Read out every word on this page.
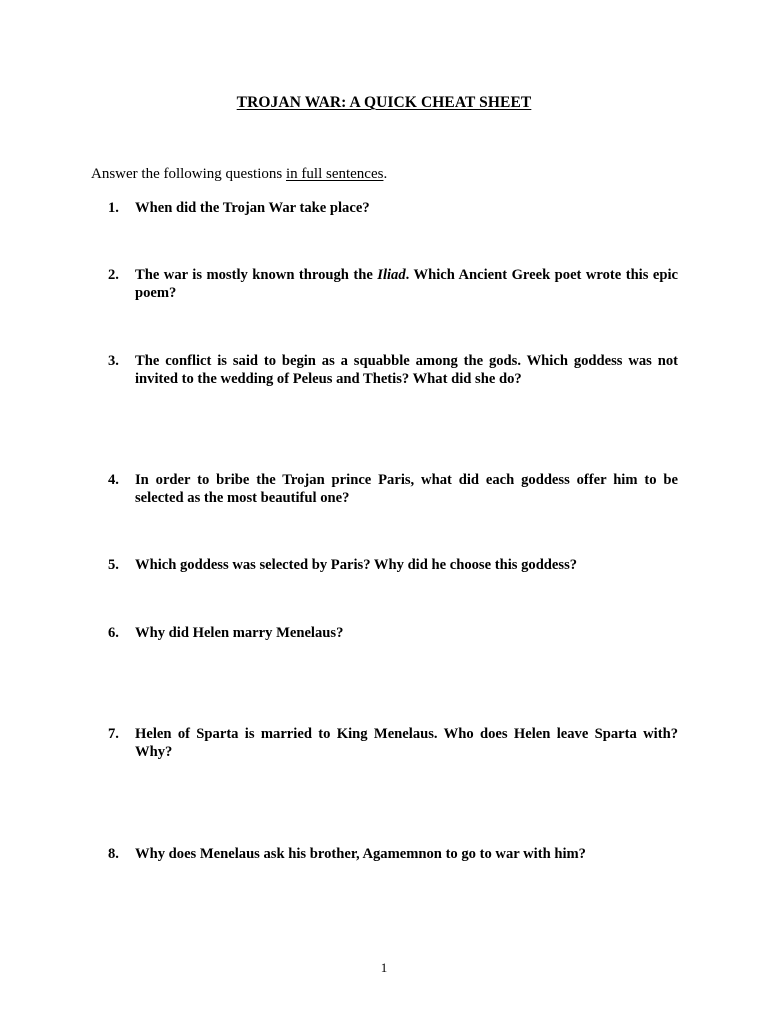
TROJAN WAR: A QUICK CHEAT SHEET
Answer the following questions in full sentences.
1.	When did the Trojan War take place?
2.	The war is mostly known through the Iliad. Which Ancient Greek poet wrote this epic poem?
3.	The conflict is said to begin as a squabble among the gods. Which goddess was not invited to the wedding of Peleus and Thetis? What did she do?
4.	In order to bribe the Trojan prince Paris, what did each goddess offer him to be selected as the most beautiful one?
5.	Which goddess was selected by Paris? Why did he choose this goddess?
6.	Why did Helen marry Menelaus?
7.	Helen of Sparta is married to King Menelaus. Who does Helen leave Sparta with? Why?
8.	Why does Menelaus ask his brother, Agamemnon to go to war with him?
1
